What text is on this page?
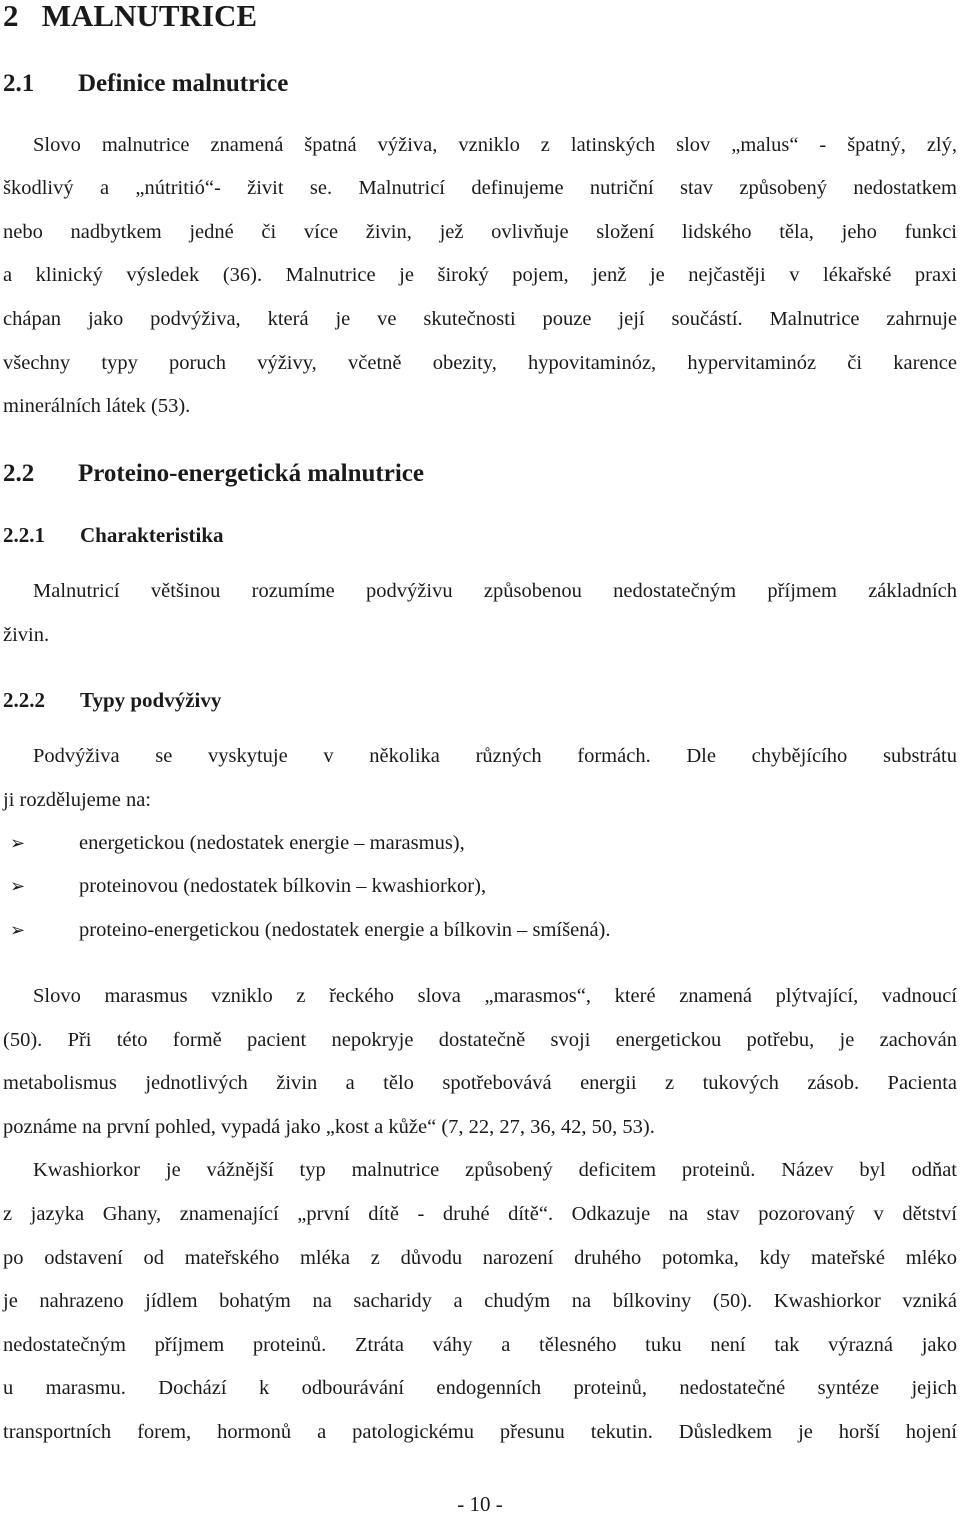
2 MALNUTRICE
2.1 Definice malnutrice

Slovo malnutrice znamená špatná výživa, vzniklo z latinských slov „malus“ - špatný, zlý,

škodlivý a „nútritió“- živit se. Malnutricí definujeme nutriční stav způsobený nedostatkem

nebo nadbytkem jedné či více živin, jež ovlivňuje složení lidského těla, jeho funkci

a klinický výsledek (36). Malnutrice je široký pojem, jenž je nejčastěji v lékařské praxi

chápan jako podvýživa, která je ve skutečnosti pouze její součástí. Malnutrice zahrnuje

všechny typy poruch výživy, včetně obezity, hypovitaminóz, hypervitaminóz či karence

minerálních látek (53).

2.2 Proteino-energetická malnutrice
2.2.1 Charakteristika

Malnutricí většinou rozumíme podvýživu způsobenou nedostatečným příjmem základních

živin.

2.2.2 Typy podvýživy

Podvýživa se vyskytuje v několika různých formách. Dle chybějícího substrátu

ji rozdělujeme na:

➢	energetickou (nedostatek energie – marasmus),

➢	proteinovou (nedostatek bílkovin – kwashiorkor),

➢	proteino-energetickou (nedostatek energie a bílkovin – smíšená).

Slovo marasmus vzniklo z řeckého slova „marasmos“, které znamená plýtvající, vadnoucí

(50). Při této formě pacient nepokryje dostatečně svoji energetickou potřebu, je zachován

metabolismus jednotlivých živin a tělo spotřebovává energii z tukových zásob. Pacienta

poznáme na první pohled, vypadá jako „kost a kůže“ (7, 22, 27, 36, 42, 50, 53).

Kwashiorkor je vážnější typ malnutrice způsobený deficitem proteinů. Název byl odňat

z jazyka Ghany, znamenající „první dítě - druhé dítě“. Odkazuje na stav pozorovaný v dětství

po odstavení od mateřského mléka z důvodu narození druhého potomka, kdy mateřské mléko

je nahrazeno jídlem bohatým na sacharidy a chudým na bílkoviny (50). Kwashiorkor vzniká

nedostatečným příjmem proteinů. Ztráta váhy a tělesného tuku není tak výrazná jako

u marasmu. Dochází k odbourávání endogenních proteinů, nedostatečné syntéze jejich

transportních forem, hormonů a patologickému přesunu tekutin. Důsledkem je horší hojení

- 10 -
